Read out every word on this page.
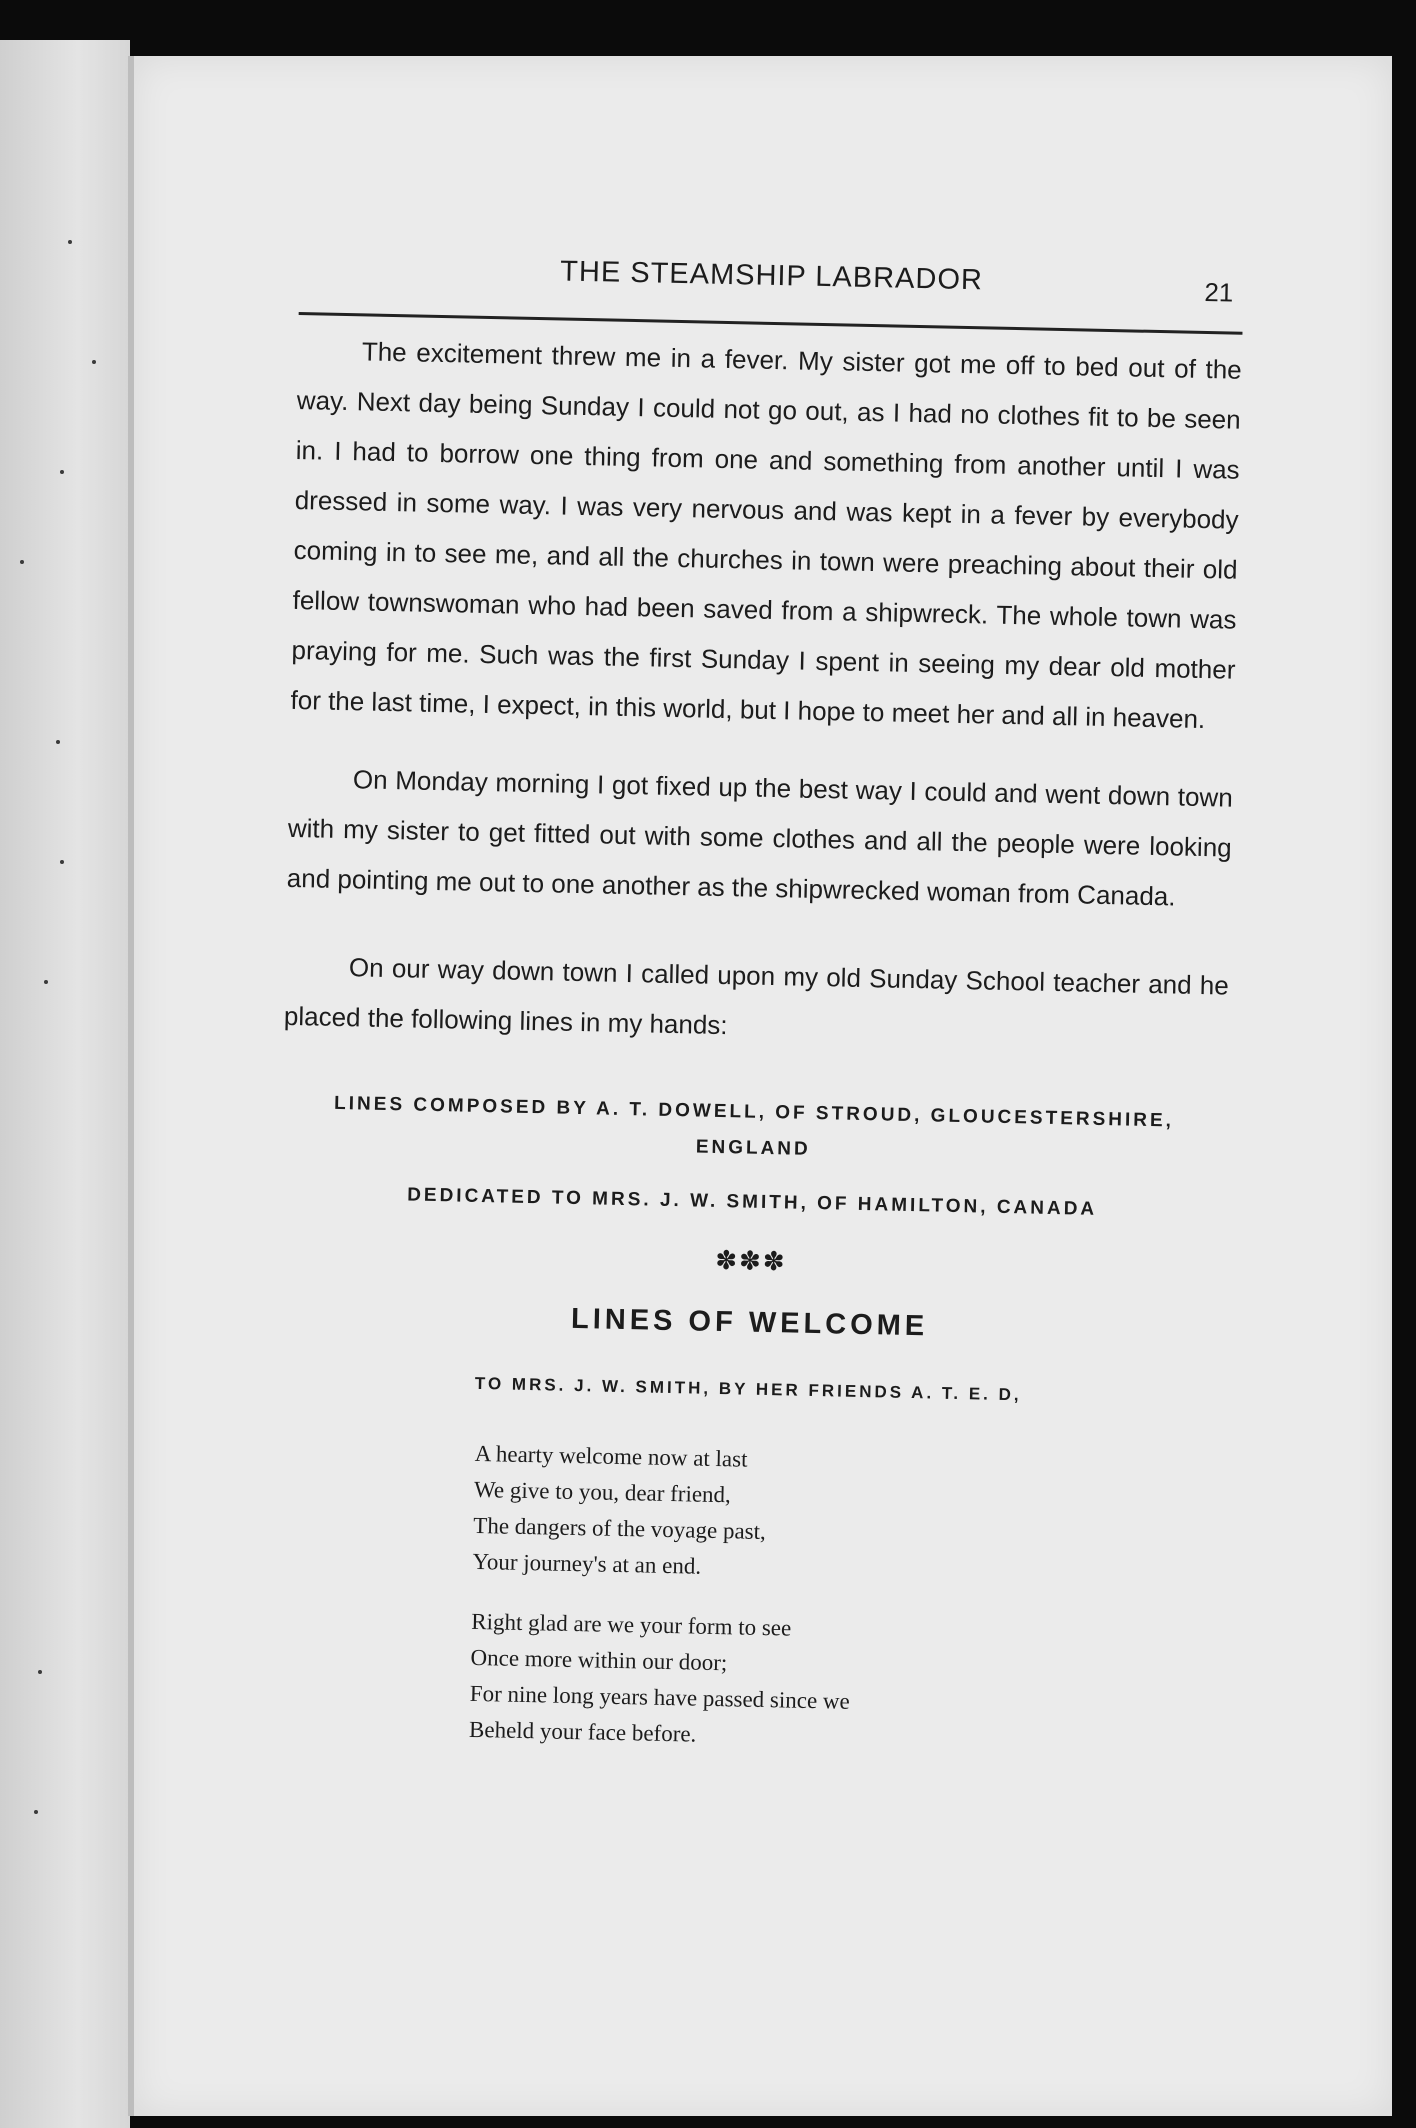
THE STEAMSHIP LABRADOR	21

The excitement threw me in a fever. My sister got me off to bed out of the way. Next day being Sunday I could not go out, as I had no clothes fit to be seen in. I had to borrow one thing from one and something from another until I was dressed in some way. I was very nervous and was kept in a fever by everybody coming in to see me, and all the churches in town were preaching about their old fellow townswoman who had been saved from a shipwreck. The whole town was praying for me. Such was the first Sunday I spent in seeing my dear old mother for the last time, I expect, in this world, but I hope to meet her and all in heaven.

On Monday morning I got fixed up the best way I could and went down town with my sister to get fitted out with some clothes and all the people were looking and pointing me out to one another as the shipwrecked woman from Canada.

On our way down town I called upon my old Sunday School teacher and he placed the following lines in my hands:

LINES COMPOSED BY A. T. DOWELL, OF STROUD, GLOUCESTERSHIRE, ENGLAND
DEDICATED TO MRS. J. W. SMITH, OF HAMILTON, CANADA
✽✽✽
LINES OF WELCOME
TO MRS. J. W. SMITH, BY HER FRIENDS A. T. E. D,
A hearty welcome now at last
We give to you, dear friend,
The dangers of the voyage past,
Your journey's at an end.
Right glad are we your form to see
Once more within our door;
For nine long years have passed since we
Beheld your face before.
